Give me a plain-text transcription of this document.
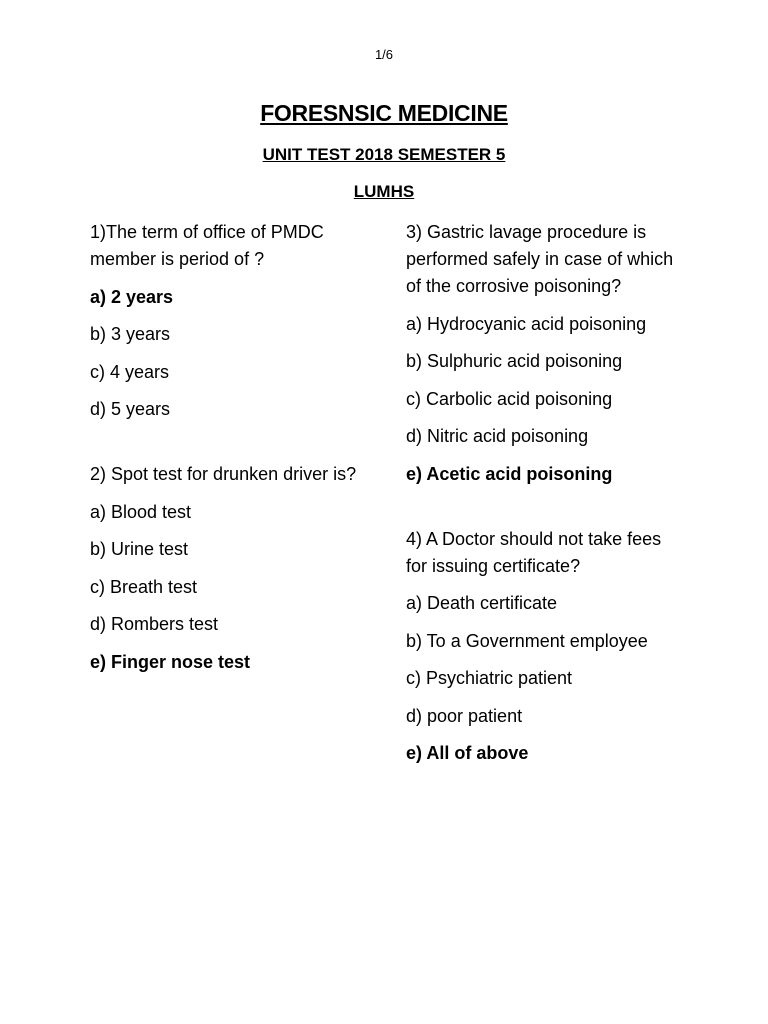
1/6
FORESNSIC MEDICINE
UNIT TEST 2018 SEMESTER 5
LUMHS

1)The term of office of PMDC member is period of ?

a) 2 years

b) 3 years

c) 4 years

d) 5 years

2) Spot test for drunken driver is?

a) Blood test

b) Urine test

c) Breath test

d) Rombers test

e) Finger nose test

3) Gastric lavage procedure is performed safely in case of which of the corrosive poisoning?

a) Hydrocyanic acid poisoning

b) Sulphuric acid poisoning

c) Carbolic acid poisoning

d) Nitric acid poisoning

e) Acetic acid poisoning

4) A Doctor should not take fees for issuing certificate?

a) Death certificate

b) To a Government employee

c) Psychiatric patient

d) poor patient

e) All of above
